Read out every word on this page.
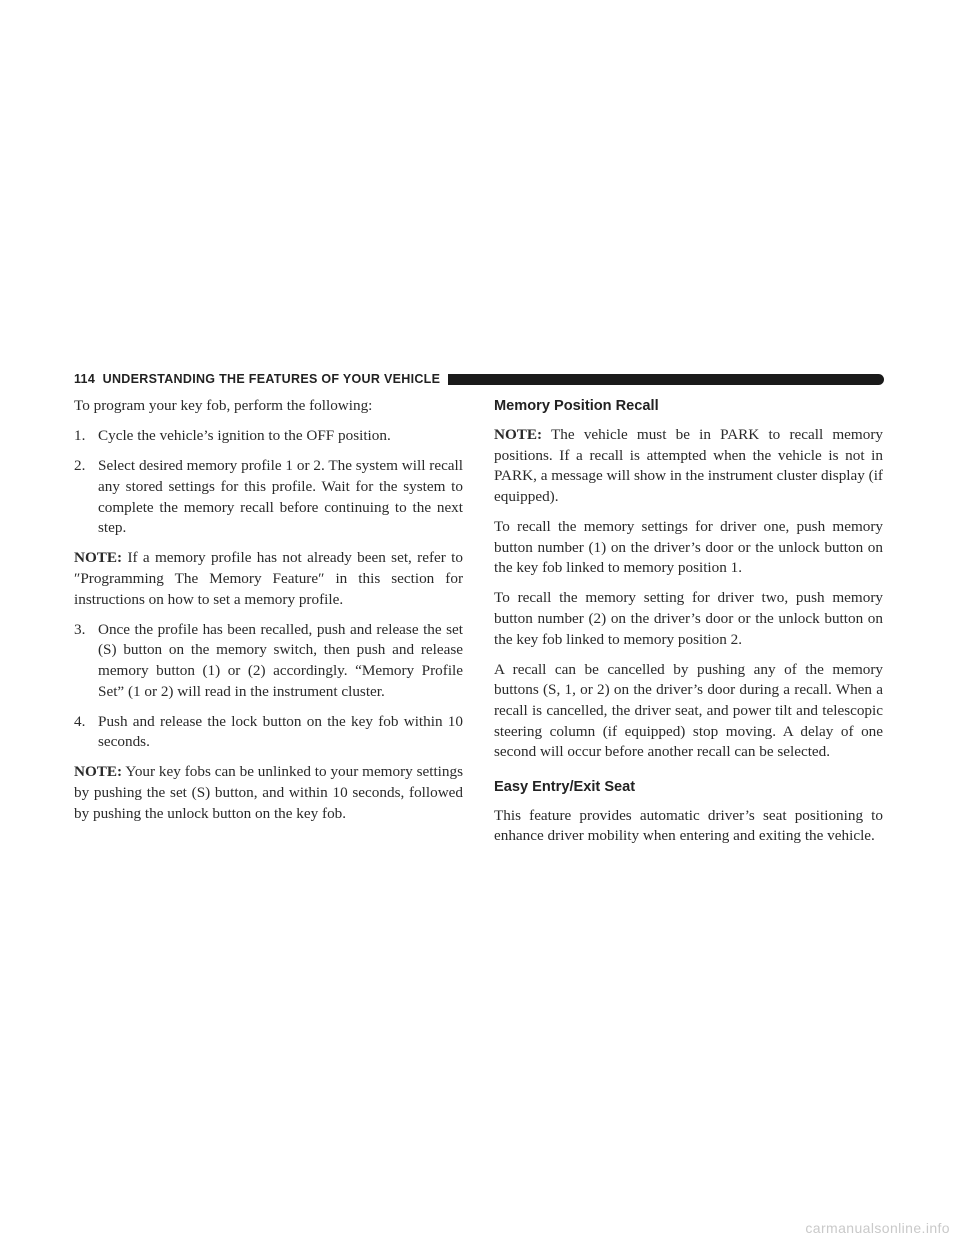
114 UNDERSTANDING THE FEATURES OF YOUR VEHICLE

To program your key fob, perform the following:

1. Cycle the vehicle’s ignition to the OFF position.

2. Select desired memory profile 1 or 2. The system will recall any stored settings for this profile. Wait for the system to complete the memory recall before continuing to the next step.

NOTE: If a memory profile has not already been set, refer to ″Programming The Memory Feature″ in this section for instructions on how to set a memory profile.

3. Once the profile has been recalled, push and release the set (S) button on the memory switch, then push and release memory button (1) or (2) accordingly. “Memory Profile Set” (1 or 2) will read in the instrument cluster.

4. Push and release the lock button on the key fob within 10 seconds.

NOTE: Your key fobs can be unlinked to your memory settings by pushing the set (S) button, and within 10 seconds, followed by pushing the unlock button on the key fob.

Memory Position Recall

NOTE: The vehicle must be in PARK to recall memory positions. If a recall is attempted when the vehicle is not in PARK, a message will show in the instrument cluster display (if equipped).

To recall the memory settings for driver one, push memory button number (1) on the driver’s door or the unlock button on the key fob linked to memory position 1.

To recall the memory setting for driver two, push memory button number (2) on the driver’s door or the unlock button on the key fob linked to memory position 2.

A recall can be cancelled by pushing any of the memory buttons (S, 1, or 2) on the driver’s door during a recall. When a recall is cancelled, the driver seat, and power tilt and telescopic steering column (if equipped) stop moving. A delay of one second will occur before another recall can be selected.

Easy Entry/Exit Seat

This feature provides automatic driver’s seat positioning to enhance driver mobility when entering and exiting the vehicle.

carmanualsonline.info
